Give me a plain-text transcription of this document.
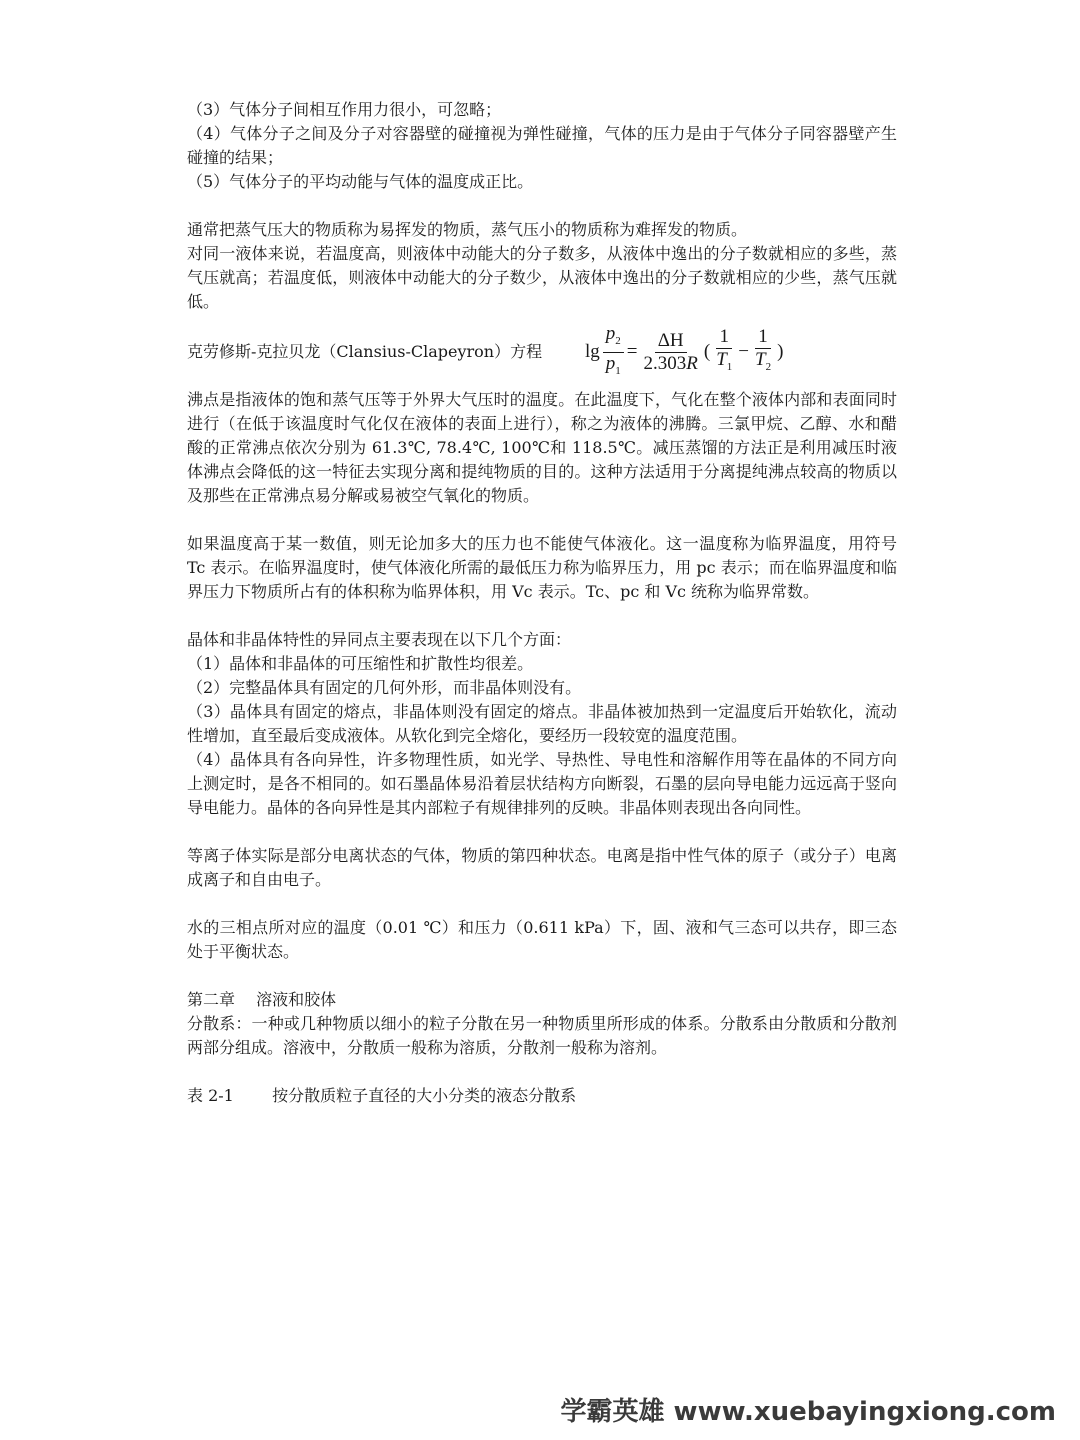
（3）气体分子间相互作用力很小，可忽略；

（4）气体分子之间及分子对容器壁的碰撞视为弹性碰撞，气体的压力是由于气体分子同容器壁产生碰撞的结果；

（5）气体分子的平均动能与气体的温度成正比。

通常把蒸气压大的物质称为易挥发的物质，蒸气压小的物质称为难挥发的物质。

对同一液体来说，若温度高，则液体中动能大的分子数多，从液体中逸出的分子数就相应的多些，蒸气压就高；若温度低，则液体中动能大的分子数少，从液体中逸出的分子数就相应的少些，蒸气压就低。

克劳修斯-克拉贝龙（Clansius-Clapeyron）方程	$\lg \frac{p_2}{p_1} = \frac{\Delta H}{2.303R}$ ( $\frac{1}{T_1} - \frac{1}{T_2}$ )

沸点是指液体的饱和蒸气压等于外界大气压时的温度。在此温度下，气化在整个液体内部和表面同时进行（在低于该温度时气化仅在液体的表面上进行），称之为液体的沸腾。三氯甲烷、乙醇、水和醋酸的正常沸点依次分别为 61.3℃, 78.4℃, 100℃和 118.5℃。减压蒸馏的方法正是利用减压时液体沸点会降低的这一特征去实现分离和提纯物质的目的。这种方法适用于分离提纯沸点较高的物质以及那些在正常沸点易分解或易被空气氧化的物质。

如果温度高于某一数值，则无论加多大的压力也不能使气体液化。这一温度称为临界温度，用符号 Tc 表示。在临界温度时，使气体液化所需的最低压力称为临界压力，用 pc 表示；而在临界温度和临界压力下物质所占有的体积称为临界体积，用 Vc 表示。Tc、pc 和 Vc 统称为临界常数。

晶体和非晶体特性的异同点主要表现在以下几个方面：

（1）晶体和非晶体的可压缩性和扩散性均很差。

（2）完整晶体具有固定的几何外形，而非晶体则没有。

（3）晶体具有固定的熔点，非晶体则没有固定的熔点。非晶体被加热到一定温度后开始软化，流动性增加，直至最后变成液体。从软化到完全熔化，要经历一段较宽的温度范围。

（4）晶体具有各向异性，许多物理性质，如光学、导热性、导电性和溶解作用等在晶体的不同方向上测定时，是各不相同的。如石墨晶体易沿着层状结构方向断裂，石墨的层向导电能力远远高于竖向导电能力。晶体的各向异性是其内部粒子有规律排列的反映。非晶体则表现出各向同性。

等离子体实际是部分电离状态的气体，物质的第四种状态。电离是指中性气体的原子（或分子）电离成离子和自由电子。

水的三相点所对应的温度（0.01 ℃）和压力（0.611 kPa）下，固、液和气三态可以共存，即三态处于平衡状态。

第二章　 溶液和胶体

分散系：一种或几种物质以细小的粒子分散在另一种物质里所形成的体系。分散系由分散质和分散剂两部分组成。溶液中，分散质一般称为溶质，分散剂一般称为溶剂。

表 2-1 按分散质粒子直径的大小分类的液态分散系

学霸英雄 www.xuebayingxiong.com
